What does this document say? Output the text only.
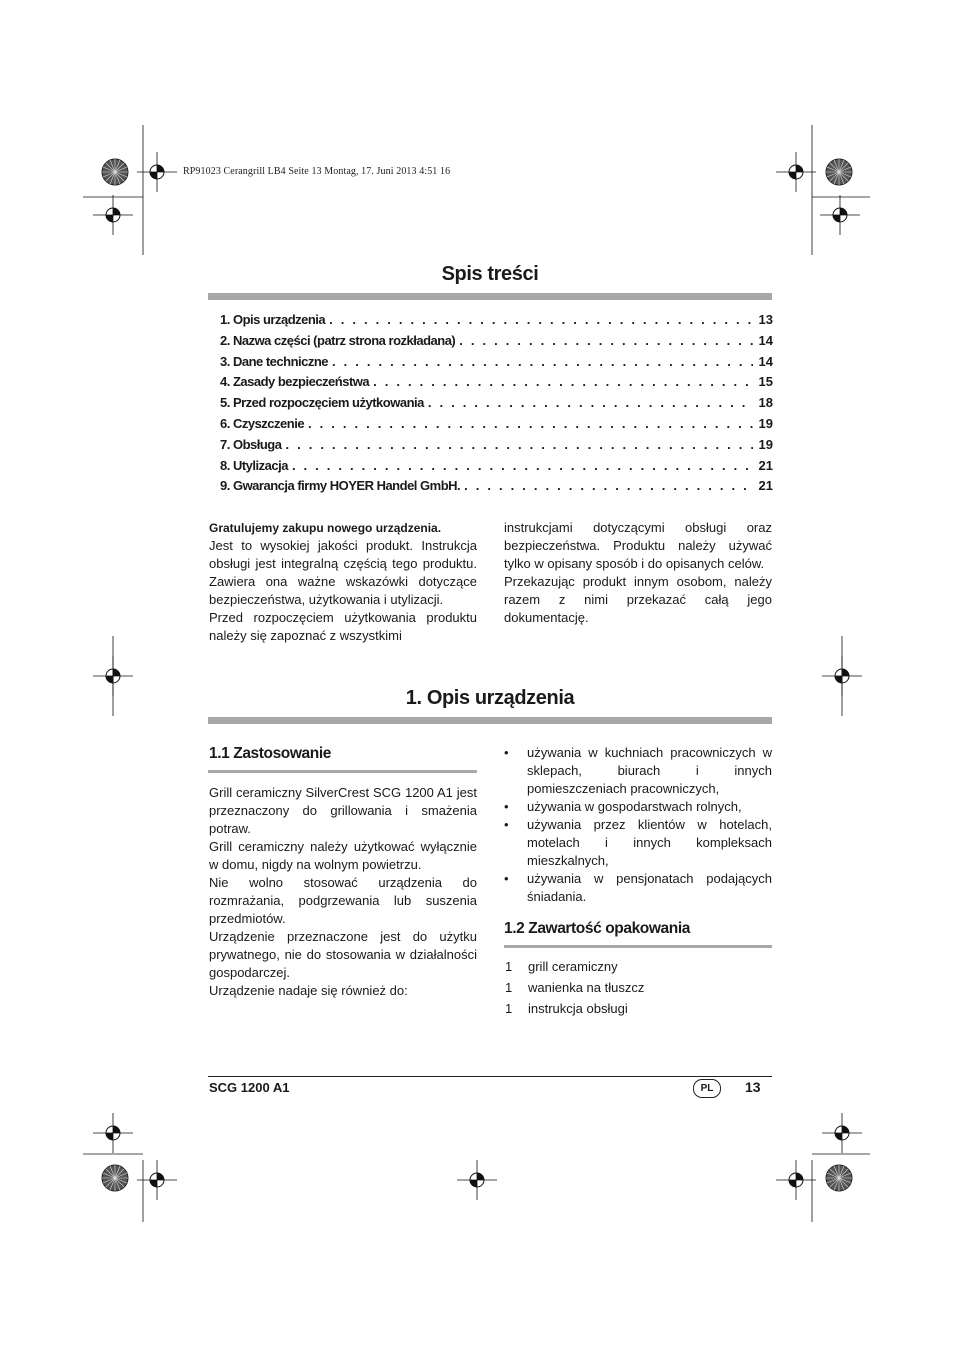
RP91023 Cerangrill LB4 Seite 13 Montag, 17. Juni 2013 4:51 16
Spis treści
1. Opis urządzenia . . .	13
2. Nazwa części (patrz strona rozkładana) . . .	14
3. Dane techniczne . . .	14
4. Zasady bezpieczeństwa . . .	15
5. Przed rozpoczęciem użytkowania . . .	18
6. Czyszczenie . . .	19
7. Obsługa . . .	19
8. Utylizacja . . .	21
9. Gwarancja firmy HOYER Handel GmbH. . . .	21

Gratulujemy zakupu nowego urządzenia.

Jest to wysokiej jakości produkt. Instrukcja obsługi jest integralną częścią tego produktu. Zawiera ona ważne wskazówki dotyczące bezpieczeństwa, użytkowania i utylizacji.

Przed rozpoczęciem użytkowania produktu należy się zapoznać z wszystkimi

instrukcjami dotyczącymi obsługi oraz bezpieczeństwa. Produktu należy używać tylko w opisany sposób i do opisanych celów.

Przekazując produkt innym osobom, należy razem z nimi przekazać całą jego dokumentację.

1. Opis urządzenia
1.1 Zastosowanie

Grill ceramiczny SilverCrest SCG 1200 A1 jest przeznaczony do grillowania i smażenia potraw.

Grill ceramiczny należy użytkować wyłącznie w domu, nigdy na wolnym powietrzu.

Nie wolno stosować urządzenia do rozmrażania, podgrzewania lub suszenia przedmiotów.

Urządzenie przeznaczone jest do użytku prywatnego, nie do stosowania w działalności gospodarczej.

Urządzenie nadaje się również do:

• używania w kuchniach pracowniczych w sklepach, biurach i innych pomieszczeniach pracowniczych,
• używania w gospodarstwach rolnych,
• używania przez klientów w hotelach, motelach i innych kompleksach mieszkalnych,
• używania w pensjonatach podających śniadania.
1.2 Zawartość opakowania
1	grill ceramiczny
1	wanienka na tłuszcz
1	instrukcja obsługi
SCG 1200 A1	PL	13
